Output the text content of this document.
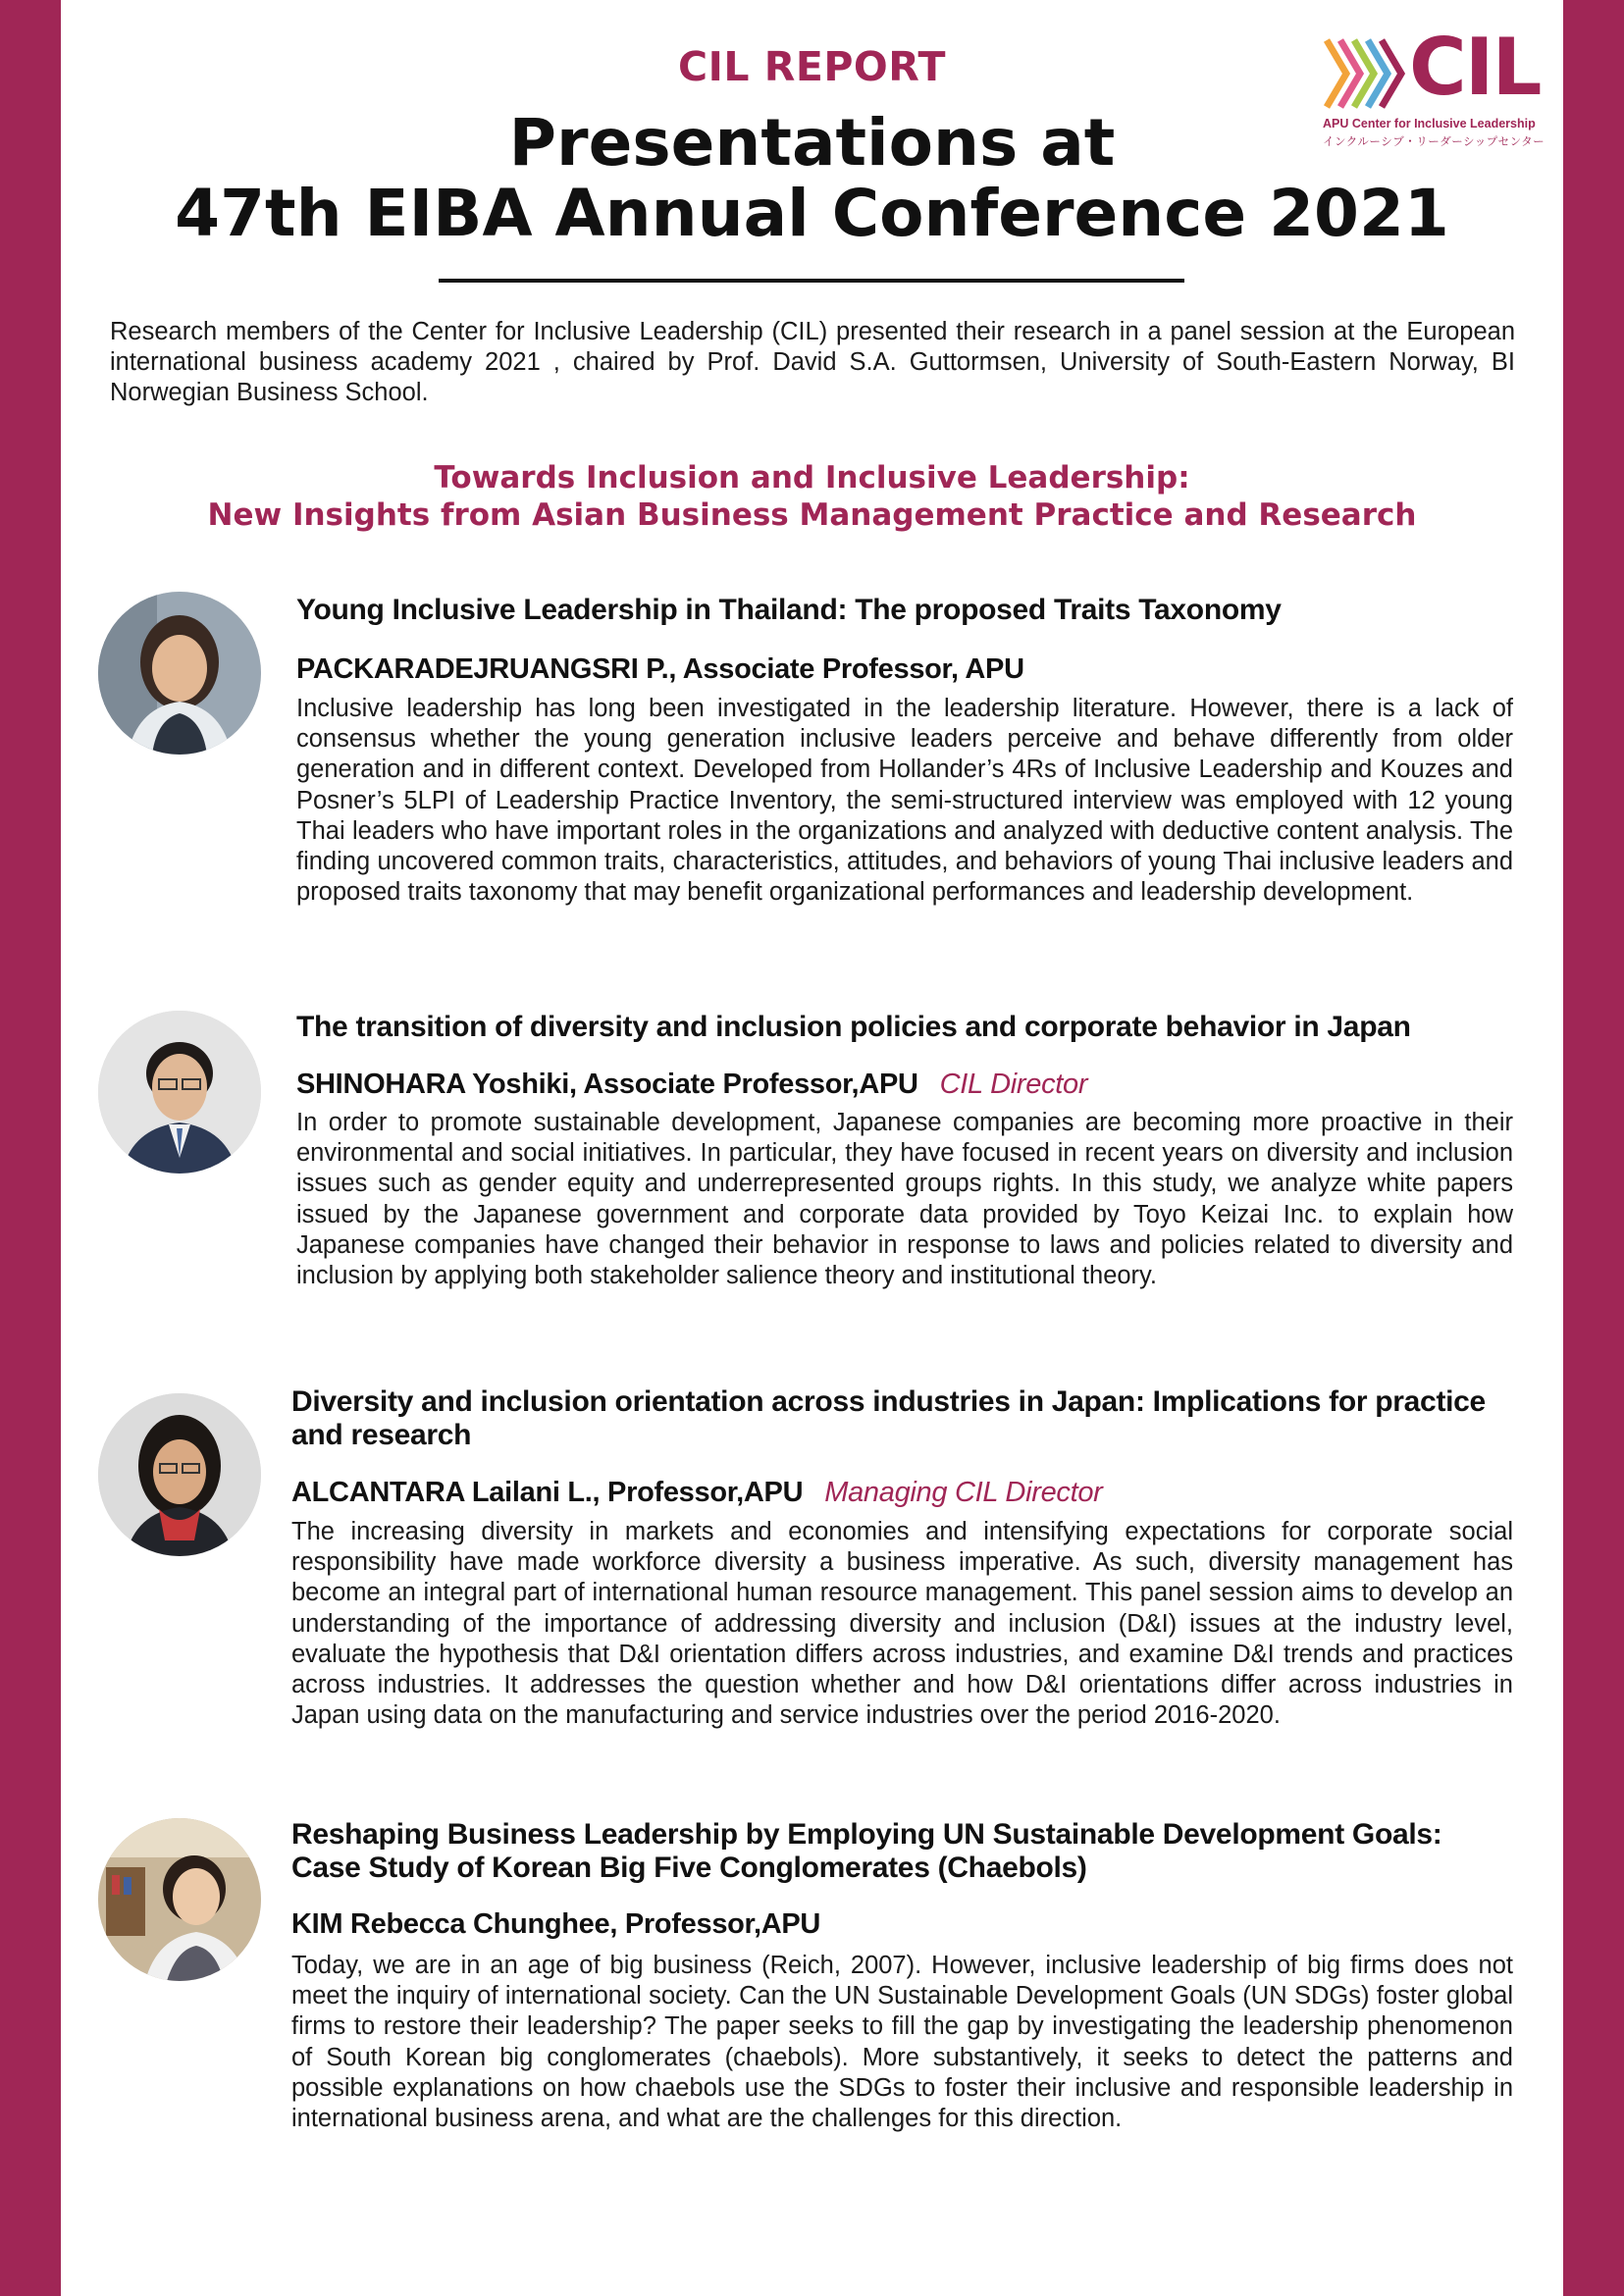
CIL REPORT
Presentations at
47th EIBA Annual Conference 2021
CIL
APU Center for Inclusive Leadership
インクルーシブ・リーダーシップセンター
Research members of the Center for Inclusive Leadership (CIL) presented their research in a panel session at the European international business academy 2021 , chaired by Prof. David S.A. Guttormsen, University of South-Eastern Norway, BI Norwegian Business School.
Towards Inclusion and Inclusive Leadership:
New Insights from Asian Business Management Practice and Research
Young Inclusive Leadership in Thailand: The proposed Traits Taxonomy
PACKARADEJRUANGSRI P., Associate Professor, APU
Inclusive leadership has long been investigated in the leadership literature. However, there is a lack of consensus whether the young generation inclusive leaders perceive and behave differently from older generation and in different context. Developed from Hollander’s 4Rs of Inclusive Leadership and Kouzes and Posner’s 5LPI of Leadership Practice Inventory, the semi-structured interview was employed with 12 young Thai leaders who have important roles in the organizations and analyzed with deductive content analysis. The finding uncovered common traits, characteristics, attitudes, and behaviors of young Thai inclusive leaders and proposed traits taxonomy that may benefit organizational performances and leadership development.
The transition of diversity and inclusion policies and corporate behavior in Japan
SHINOHARA Yoshiki, Associate Professor,APU CIL Director
In order to promote sustainable development, Japanese companies are becoming more proactive in their environmental and social initiatives. In particular, they have focused in recent years on diversity and inclusion issues such as gender equity and underrepresented groups rights. In this study, we analyze white papers issued by the Japanese government and corporate data provided by Toyo Keizai Inc. to explain how Japanese companies have changed their behavior in response to laws and policies related to diversity and inclusion by applying both stakeholder salience theory and institutional theory.
Diversity and inclusion orientation across industries in Japan: Implications for practice and research
ALCANTARA Lailani L., Professor,APU Managing CIL Director
The increasing diversity in markets and economies and intensifying expectations for corporate social responsibility have made workforce diversity a business imperative. As such, diversity management has become an integral part of international human resource management. This panel session aims to develop an understanding of the importance of addressing diversity and inclusion (D&I) issues at the industry level, evaluate the hypothesis that D&I orientation differs across industries, and examine D&I trends and practices across industries. It addresses the question whether and how D&I orientations differ across industries in Japan using data on the manufacturing and service industries over the period 2016-2020.
Reshaping Business Leadership by Employing UN Sustainable Development Goals: Case Study of Korean Big Five Conglomerates (Chaebols)
KIM Rebecca Chunghee, Professor,APU
Today, we are in an age of big business (Reich, 2007). However, inclusive leadership of big firms does not meet the inquiry of international society. Can the UN Sustainable Development Goals (UN SDGs) foster global firms to restore their leadership? The paper seeks to fill the gap by investigating the leadership phenomenon of South Korean big conglomerates (chaebols). More substantively, it seeks to detect the patterns and possible explanations on how chaebols use the SDGs to foster their inclusive and responsible leadership in international business arena, and what are the challenges for this direction.
